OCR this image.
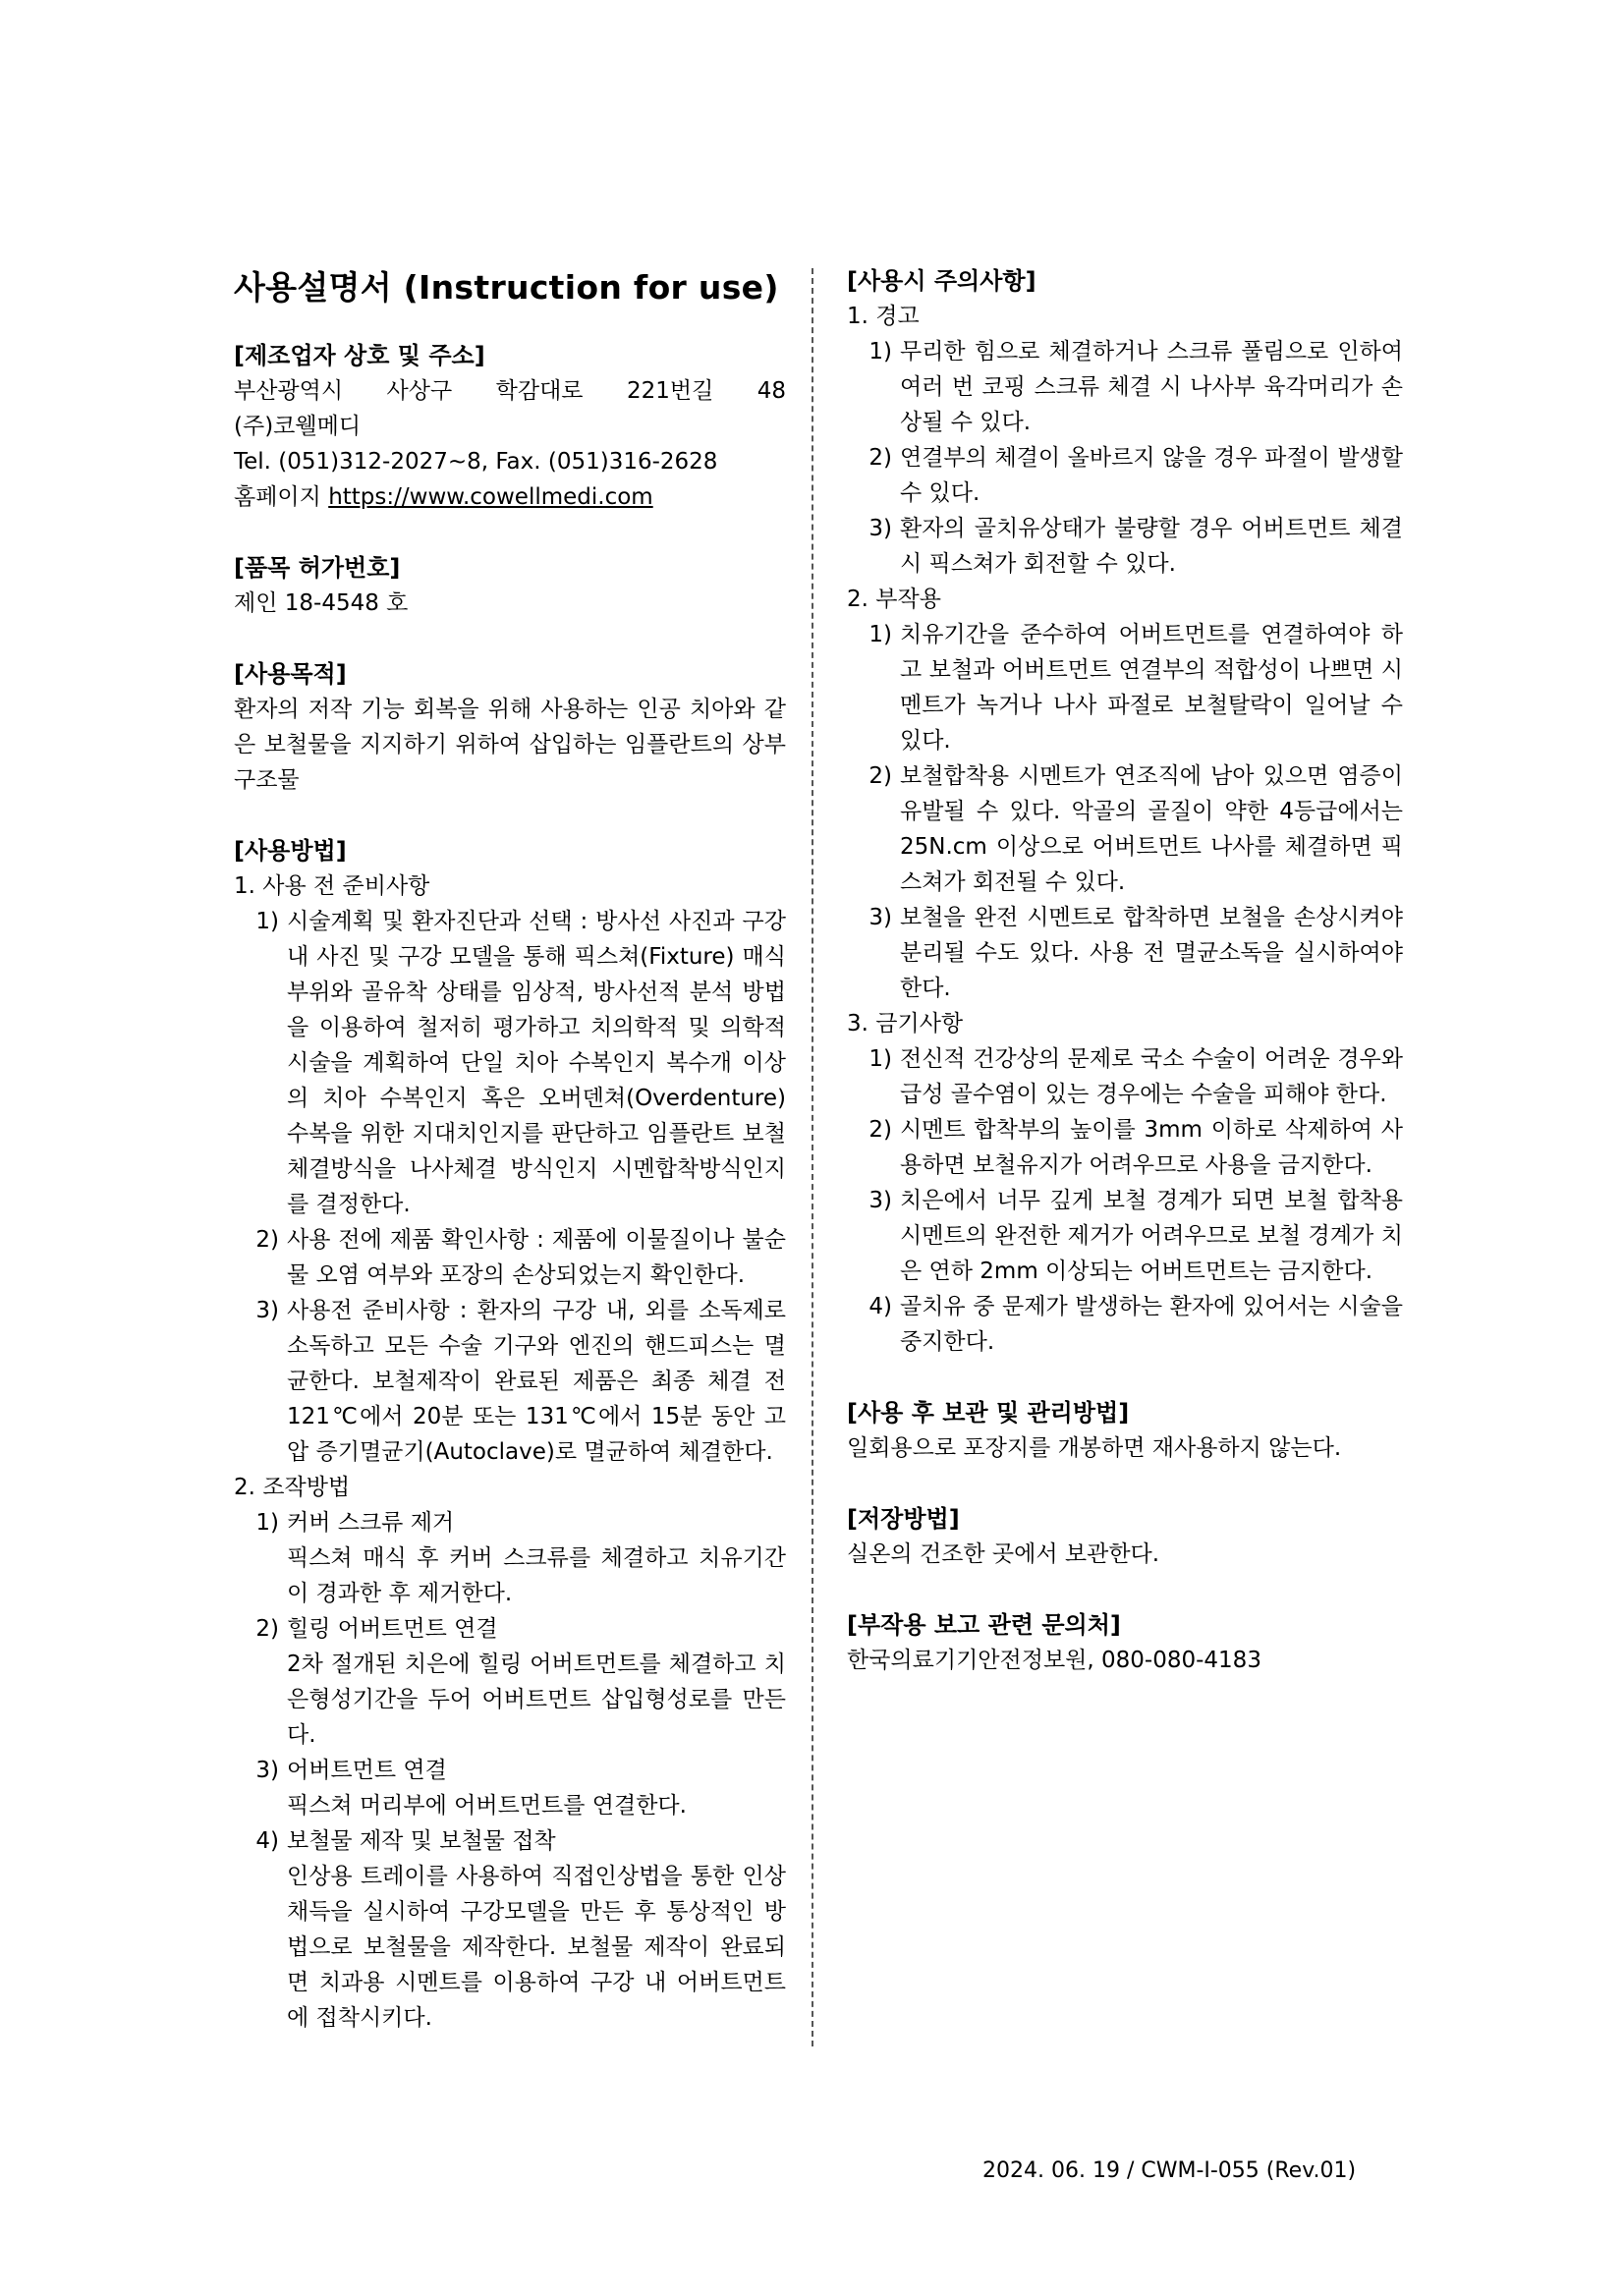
사용설명서 (Instruction for use)

[제조업자 상호 및 주소]

부산광역시 사상구 학감대로 221번길 48

(주)코웰메디

Tel. (051)312-2027~8, Fax. (051)316-2628

홈페이지 https://www.cowellmedi.com

[품목 허가번호]

제인 18-4548 호

[사용목적]

환자의 저작 기능 회복을 위해 사용하는 인공 치아와 같은 보철물을 지지하기 위하여 삽입하는 임플란트의 상부구조물

[사용방법]

1. 사용 전 준비사항

1) 시술계획 및 환자진단과 선택 : 방사선 사진과 구강 내 사진 및 구강 모델을 통해 픽스쳐(Fixture) 매식부위와 골유착 상태를 임상적, 방사선적 분석 방법을 이용하여 철저히 평가하고 치의학적 및 의학적 시술을 계획하여 단일 치아 수복인지 복수개 이상의 치아 수복인지 혹은 오버덴쳐(Overdenture) 수복을 위한 지대치인지를 판단하고 임플란트 보철 체결방식을 나사체결 방식인지 시멘합착방식인지를 결정한다.
2) 사용 전에 제품 확인사항 : 제품에 이물질이나 불순물 오염 여부와 포장의 손상되었는지 확인한다.
3) 사용전 준비사항 : 환자의 구강 내, 외를 소독제로 소독하고 모든 수술 기구와 엔진의 핸드피스는 멸균한다. 보철제작이 완료된 제품은 최종 체결 전 121℃에서 20분 또는 131℃에서 15분 동안 고압 증기멸균기(Autoclave)로 멸균하여 체결한다.

2. 조작방법

1) 커버 스크류 제거
픽스쳐 매식 후 커버 스크류를 체결하고 치유기간이 경과한 후 제거한다.
2) 힐링 어버트먼트 연결
2차 절개된 치은에 힐링 어버트먼트를 체결하고 치은형성기간을 두어 어버트먼트 삽입형성로를 만든다.
3) 어버트먼트 연결
픽스쳐 머리부에 어버트먼트를 연결한다.
4) 보철물 제작 및 보철물 접착
인상용 트레이를 사용하여 직접인상법을 통한 인상채득을 실시하여 구강모델을 만든 후 통상적인 방법으로 보철물을 제작한다. 보철물 제작이 완료되면 치과용 시멘트를 이용하여 구강 내 어버트먼트에 접착시키다.

[사용시 주의사항]

1. 경고

1) 무리한 힘으로 체결하거나 스크류 풀림으로 인하여 여러 번 코핑 스크류 체결 시 나사부 육각머리가 손상될 수 있다.
2) 연결부의 체결이 올바르지 않을 경우 파절이 발생할 수 있다.
3) 환자의 골치유상태가 불량할 경우 어버트먼트 체결 시 픽스쳐가 회전할 수 있다.

2. 부작용

1) 치유기간을 준수하여 어버트먼트를 연결하여야 하고 보철과 어버트먼트 연결부의 적합성이 나쁘면 시멘트가 녹거나 나사 파절로 보철탈락이 일어날 수 있다.
2) 보철합착용 시멘트가 연조직에 남아 있으면 염증이 유발될 수 있다. 악골의 골질이 약한 4등급에서는 25N.cm 이상으로 어버트먼트 나사를 체결하면 픽스쳐가 회전될 수 있다.
3) 보철을 완전 시멘트로 합착하면 보철을 손상시켜야 분리될 수도 있다. 사용 전 멸균소독을 실시하여야한다.

3. 금기사항

1) 전신적 건강상의 문제로 국소 수술이 어려운 경우와 급성 골수염이 있는 경우에는 수술을 피해야 한다.
2) 시멘트 합착부의 높이를 3mm 이하로 삭제하여 사용하면 보철유지가 어려우므로 사용을 금지한다.
3) 치은에서 너무 깊게 보철 경계가 되면 보철 합착용 시멘트의 완전한 제거가 어려우므로 보철 경계가 치은 연하 2mm 이상되는 어버트먼트는 금지한다.
4) 골치유 중 문제가 발생하는 환자에 있어서는 시술을 중지한다.

[사용 후 보관 및 관리방법]

일회용으로 포장지를 개봉하면 재사용하지 않는다.

[저장방법]

실온의 건조한 곳에서 보관한다.

[부작용 보고 관련 문의처]

한국의료기기안전정보원, 080-080-4183

2024. 06. 19 / CWM-I-055 (Rev.01)
